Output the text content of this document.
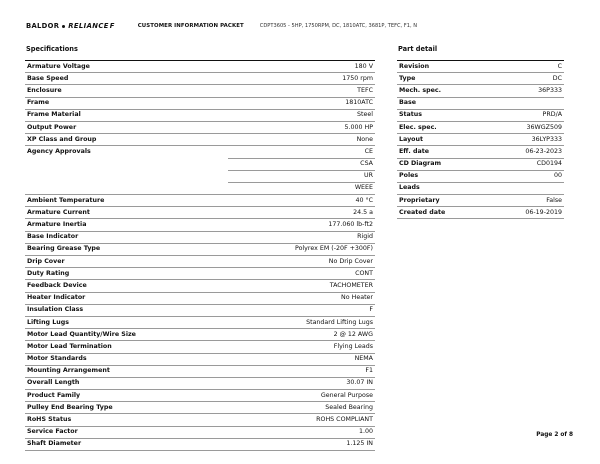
BALDOR RELIANCE F	CUSTOMER INFORMATION PACKET	CDPT3605 - 5HP, 1750RPM, DC, 1810ATC, 3681P, TEFC, F1, N
Specifications	Part detail
Armature Voltage	180 V
Base Speed	1750 rpm
Enclosure	TEFC
Frame	1810ATC
Frame Material	Steel
Output Power	5.000 HP
XP Class and Group	None
Agency Approvals	CE
	CSA
	UR
	WEEE
Ambient Temperature	40 °C
Armature Current	24.5 a
Armature Inertia	177.060 lb-ft2
Base Indicator	Rigid
Bearing Grease Type	Polyrex EM (-20F +300F)
Drip Cover	No Drip Cover
Duty Rating	CONT
Feedback Device	TACHOMETER
Heater Indicator	No Heater
Insulation Class	F
Lifting Lugs	Standard Lifting Lugs
Motor Lead Quantity/Wire Size	2 @ 12 AWG
Motor Lead Termination	Flying Leads
Motor Standards	NEMA
Mounting Arrangement	F1
Overall Length	30.07 IN
Product Family	General Purpose
Pulley End Bearing Type	Sealed Bearing
RoHS Status	ROHS COMPLIANT
Service Factor	1.00
Shaft Diameter	1.125 IN
Revision	C
Type	DC
Mech. spec.	36P333
Base	
Status	PRD/A
Elec. spec.	36WGZ509
Layout	36LYP333
Eff. date	06-23-2023
CD Diagram	CD0194
Poles	00
Leads	
Proprietary	False
Created date	06-19-2019
Page 2 of 8
